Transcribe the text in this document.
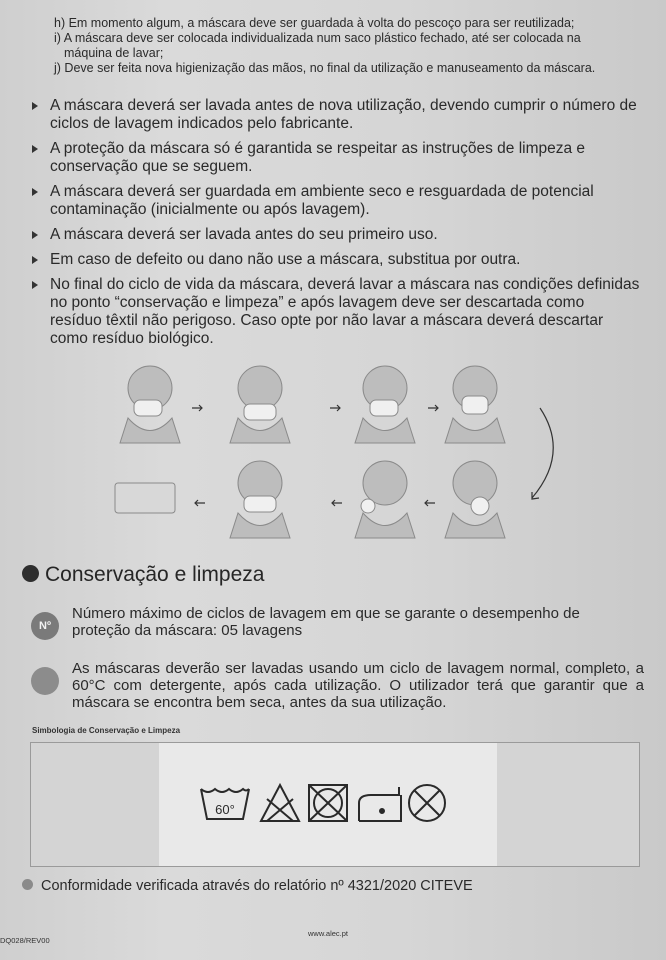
h) Em momento algum, a máscara deve ser guardada à volta do pescoço para ser reutilizada;
i) A máscara deve ser colocada individualizada num saco plástico fechado, até ser colocada na
máquina de lavar;
j) Deve ser feita nova higienização das mãos, no final da utilização e manuseamento da máscara.
A máscara deverá ser lavada antes de nova utilização, devendo cumprir o número de ciclos de lavagem indicados pelo fabricante.
A proteção da máscara só é garantida se respeitar as instruções de limpeza e conservação que se seguem.
A máscara deverá ser guardada em ambiente seco e resguardada de potencial contaminação (inicialmente ou após lavagem).
A máscara deverá ser lavada antes do seu primeiro uso.
Em caso de defeito ou dano não use a máscara, substitua por outra.
No final do ciclo de vida da máscara, deverá lavar a máscara nas condições definidas no ponto “conservação e limpeza” e após lavagem deve ser descartada como resíduo têxtil não perigoso. Caso opte por não lavar a máscara deverá descartar como resíduo biológico.
Conservação e limpeza
Nº
Número máximo de ciclos de lavagem em que se garante o desempenho de proteção da máscara: 05 lavagens
As máscaras deverão ser lavadas usando um ciclo de lavagem normal, completo, a 60°C com detergente, após cada utilização. O utilizador terá que garantir que a máscara se encontra bem seca, antes da sua utilização.
Simbologia de Conservação e Limpeza
60°
Conformidade verificada através do relatório nº 4321/2020 CITEVE
www.alec.pt
DQ028/REV00
